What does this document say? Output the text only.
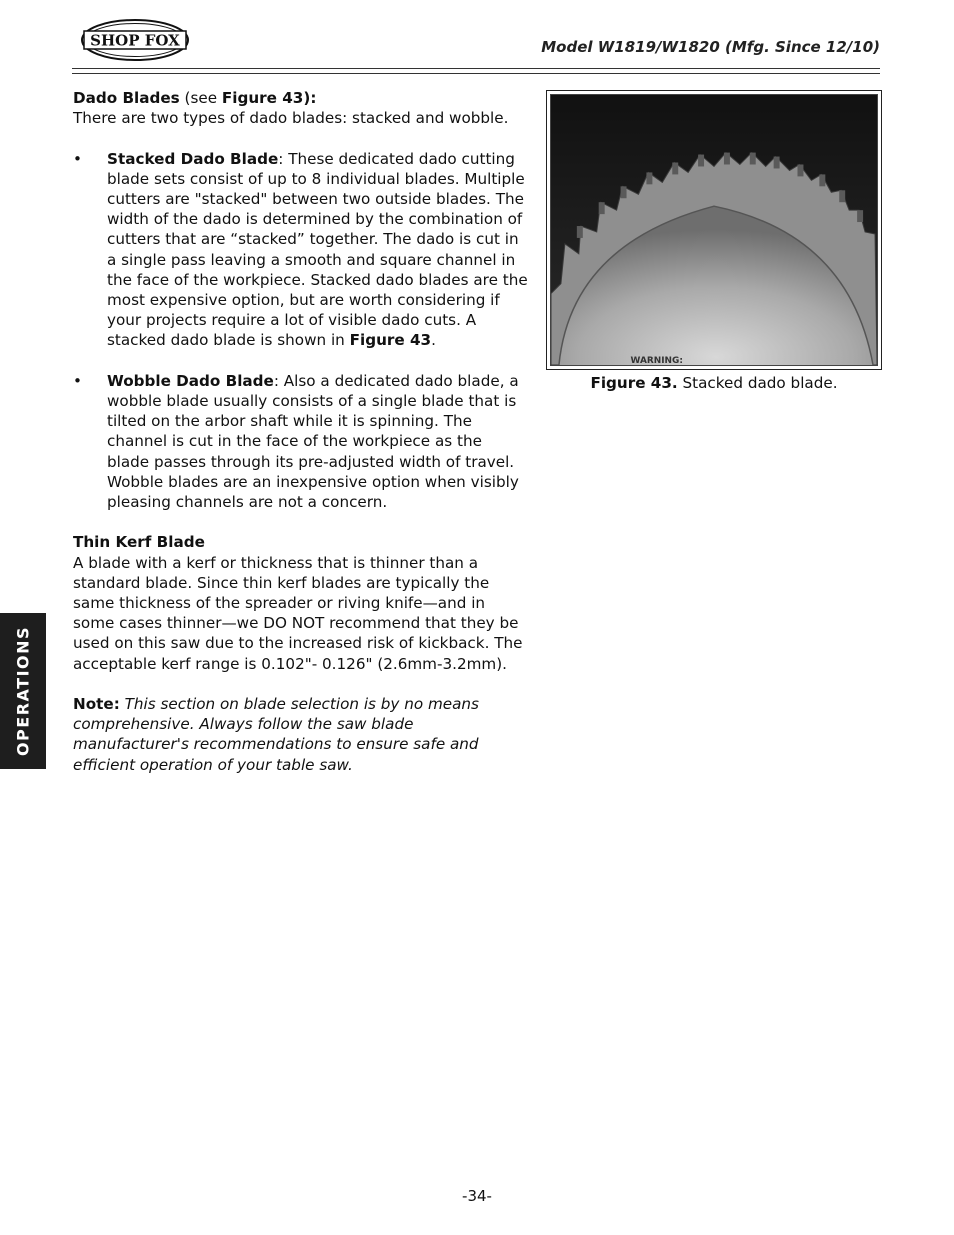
SHOP FOX	Model W1819/W1820 (Mfg. Since 12/10)

Dado Blades (see Figure 43):

There are two types of dado blades: stacked and wobble.

• Stacked Dado Blade: These dedicated dado cutting blade sets consist of up to 8 individual blades. Multiple cutters are "stacked" between two outside blades. The width of the dado is determined by the combination of cutters that are “stacked” together. The dado is cut in a single pass leaving a smooth and square channel in the face of the workpiece. Stacked dado blades are the most expensive option, but are worth considering if your projects require a lot of visible dado cuts. A stacked dado blade is shown in Figure 43.

• Wobble Dado Blade: Also a dedicated dado blade, a wobble blade usually consists of a single blade that is tilted on the arbor shaft while it is spinning. The channel is cut in the face of the workpiece as the blade passes through its pre-adjusted width of travel. Wobble blades are an inexpensive option when visibly pleasing channels are not a concern.

Thin Kerf Blade

A blade with a kerf or thickness that is thinner than a standard blade. Since thin kerf blades are typically the same thickness of the spreader or riving knife—and in some cases thinner—we DO NOT recommend that they be used on this saw due to the increased risk of kickback. The acceptable kerf range is 0.102"- 0.126" (2.6mm-3.2mm).

Note: This section on blade selection is by no means comprehensive. Always follow the saw blade manufacturer's recommendations to ensure safe and efficient operation of your table saw.

WARNING:
Figure 43. Stacked dado blade.
OPERATIONS
-34-
